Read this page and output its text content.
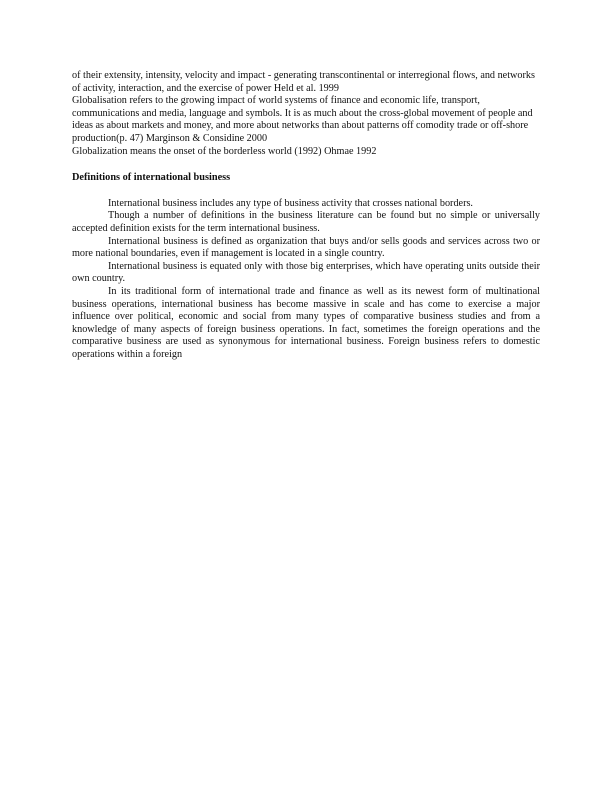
of their extensity, intensity, velocity and impact - generating transcontinental or interregional flows, and networks of activity, interaction, and the exercise of power Held et al. 1999

Globalisation refers to the growing impact of world systems of finance and economic life, transport, communications and media, language and symbols. It is as much about the cross-global movement of people and ideas as about markets and money, and more about networks than about patterns off comodity trade or off-shore production(p. 47) Marginson & Considine 2000

Globalization means the onset of the borderless world (1992) Ohmae 1992

Definitions of international business

International business includes any type of business activity that crosses national borders.

Though a number of definitions in the business literature can be found but no simple or universally accepted definition exists for the term international business.

International business is defined as organization that buys and/or sells goods and services across two or more national boundaries, even if management is located in a single country.

International business is equated only with those big enterprises, which have operating units outside their own country.

In its traditional form of international trade and finance as well as its newest form of multinational business operations, international business has become massive in scale and has come to exercise a major influence over political, economic and social from many types of comparative business studies and from a knowledge of many aspects of foreign business operations. In fact, sometimes the foreign operations and the comparative business are used as synonymous for international business. Foreign business refers to domestic operations within a foreign
